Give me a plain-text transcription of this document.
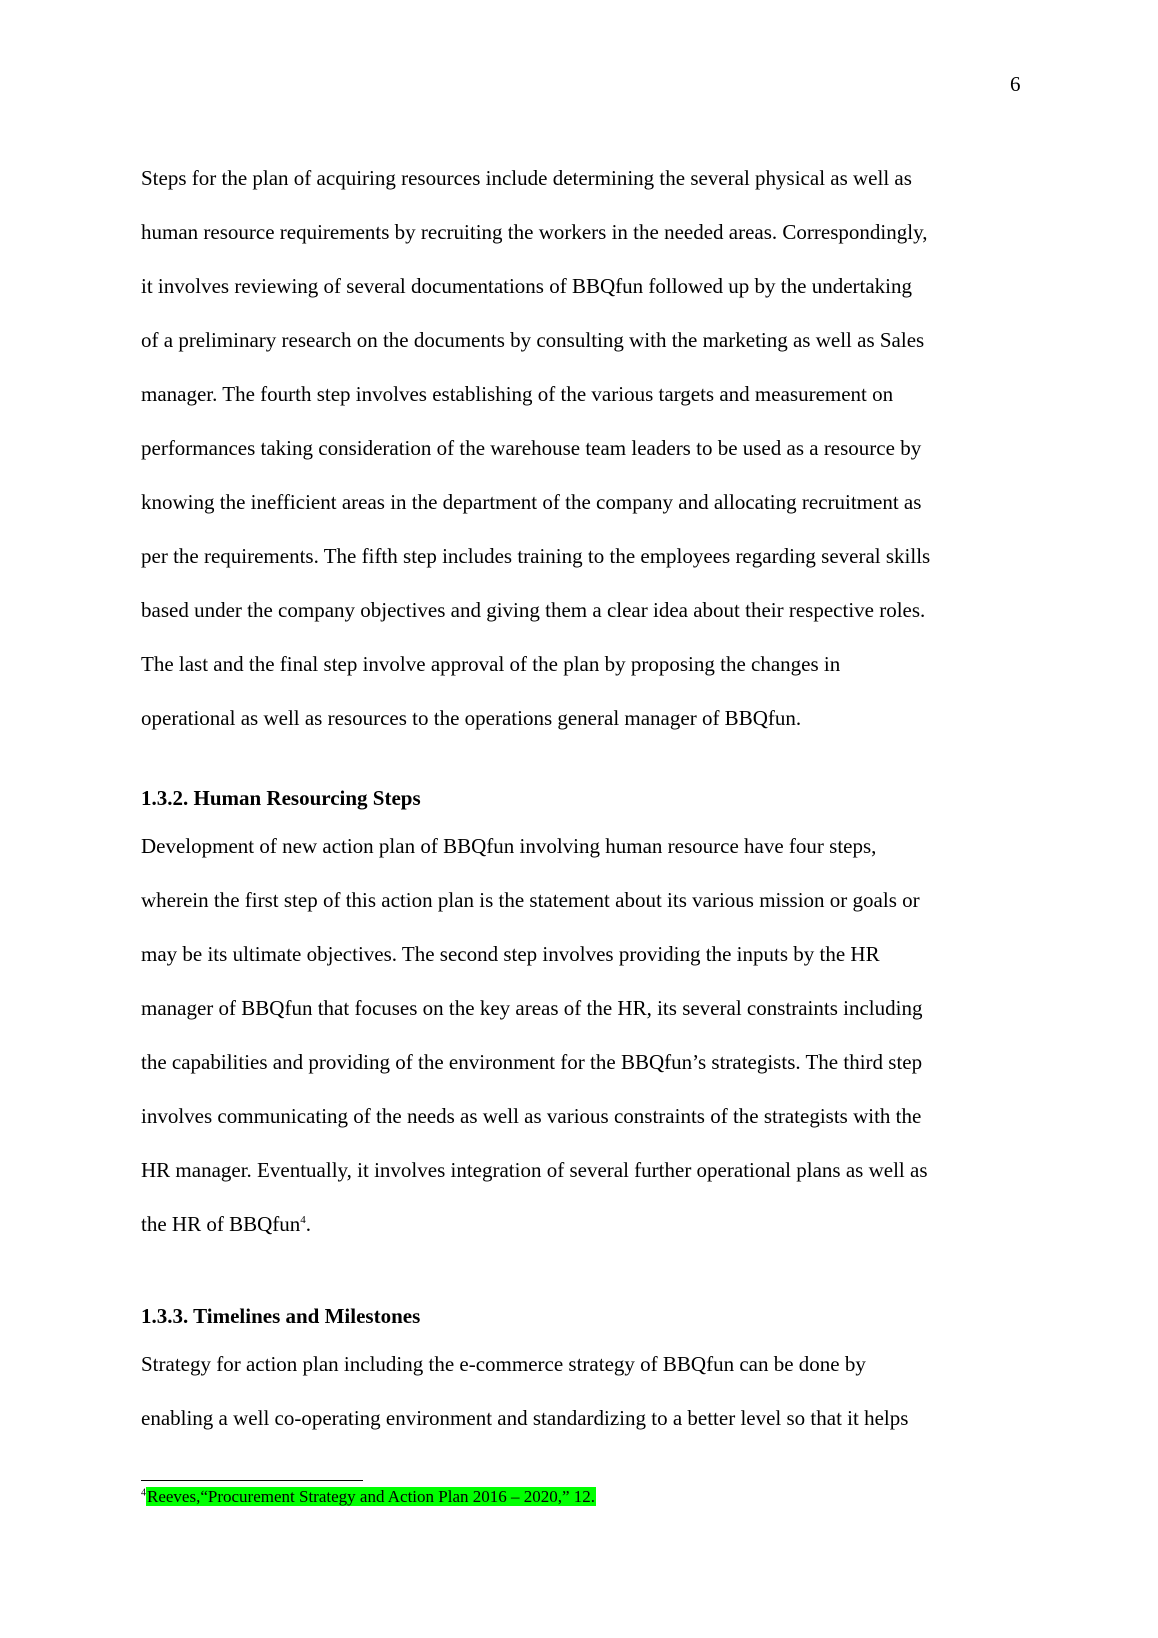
6
Steps for the plan of acquiring resources include determining the several physical as well as
human resource requirements by recruiting the workers in the needed areas. Correspondingly,
it involves reviewing of several documentations of BBQfun followed up by the undertaking
of a preliminary research on the documents by consulting with the marketing as well as Sales
manager. The fourth step involves establishing of the various targets and measurement on
performances taking consideration of the warehouse team leaders to be used as a resource by
knowing the inefficient areas in the department of the company and allocating recruitment as
per the requirements. The fifth step includes training to the employees regarding several skills
based under the company objectives and giving them a clear idea about their respective roles.
The last and the final step involve approval of the plan by proposing the changes in
operational as well as resources to the operations general manager of BBQfun.
1.3.2. Human Resourcing Steps
Development of new action plan of BBQfun involving human resource have four steps,
wherein the first step of this action plan is the statement about its various mission or goals or
may be its ultimate objectives. The second step involves providing the inputs by the HR
manager of BBQfun that focuses on the key areas of the HR, its several constraints including
the capabilities and providing of the environment for the BBQfun’s strategists. The third step
involves communicating of the needs as well as various constraints of the strategists with the
HR manager. Eventually, it involves integration of several further operational plans as well as
the HR of BBQfun$^4$.
1.3.3. Timelines and Milestones
Strategy for action plan including the e-commerce strategy of BBQfun can be done by
enabling a well co-operating environment and standardizing to a better level so that it helps
$^4$Reeves,“Procurement Strategy and Action Plan 2016 – 2020,” 12.
